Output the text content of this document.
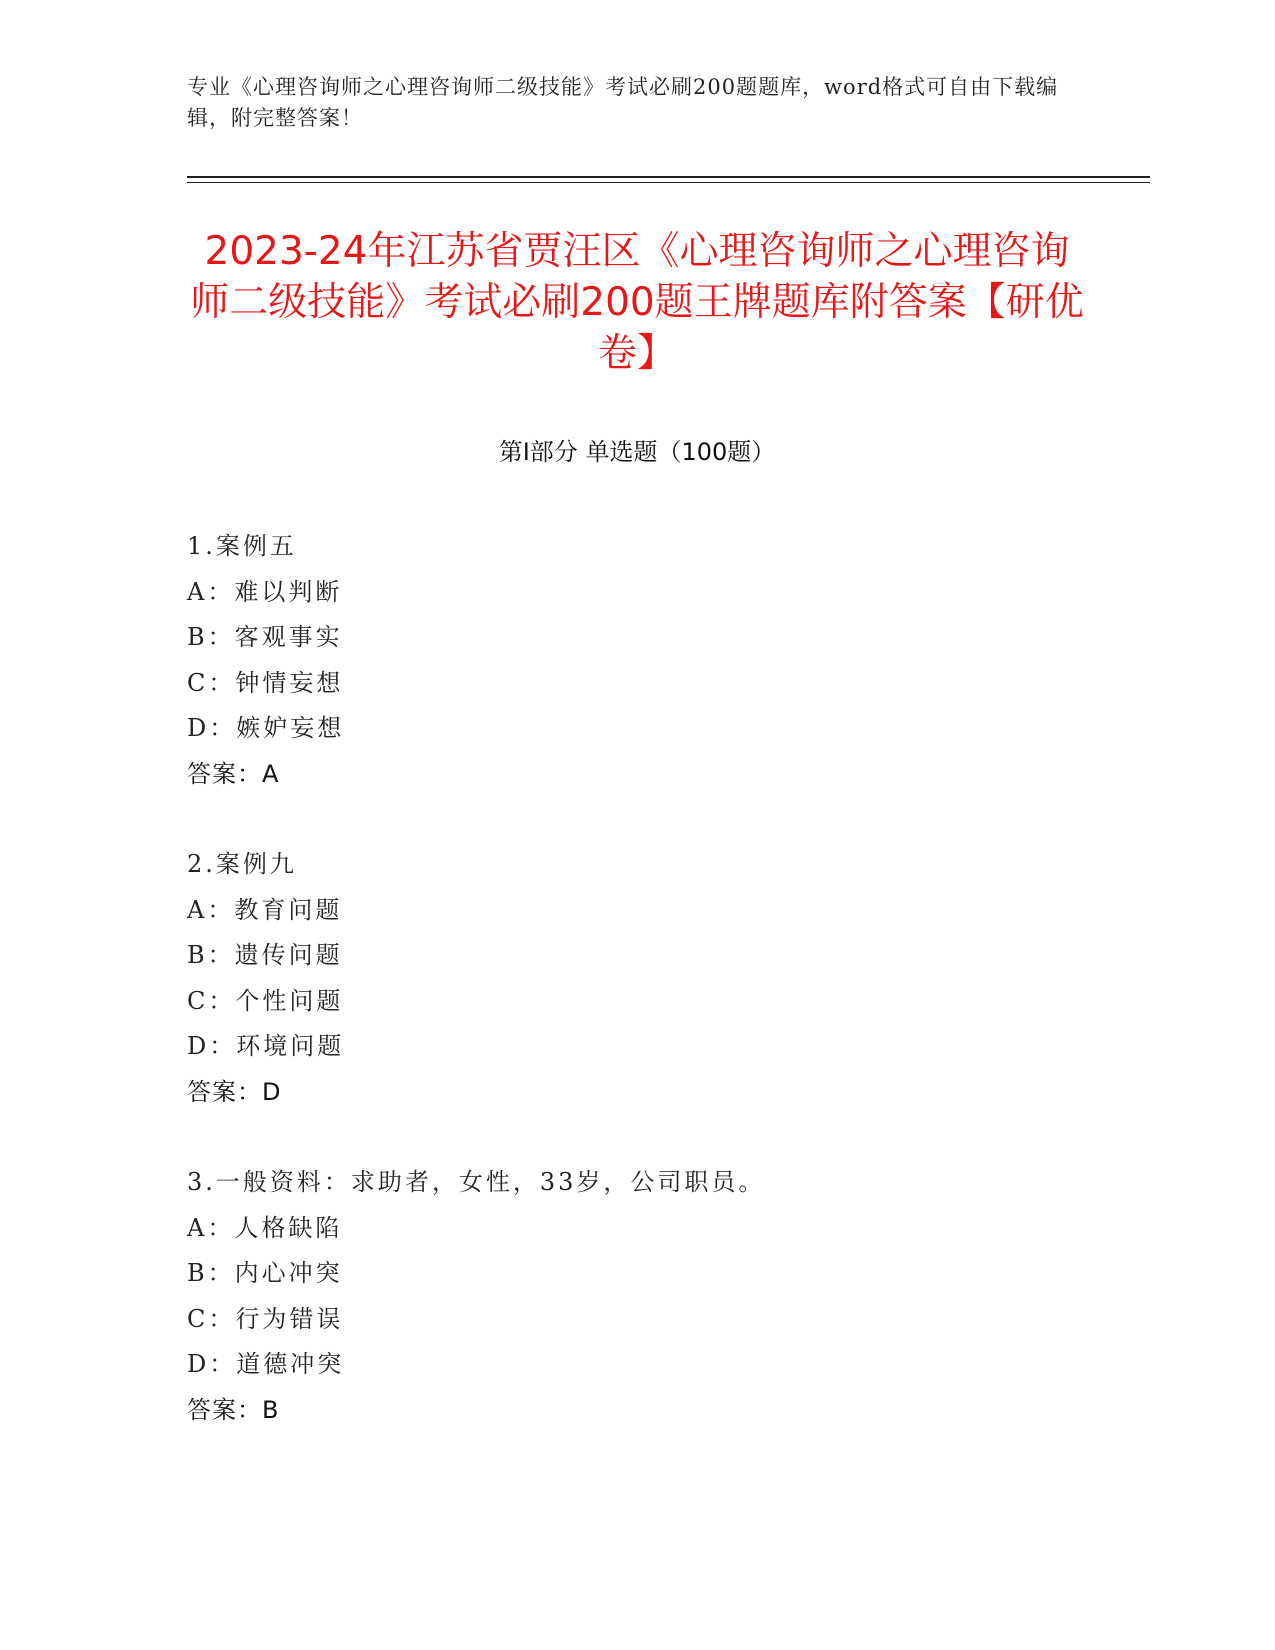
专业《心理咨询师之心理咨询师二级技能》考试必刷200题题库，word格式可自由下载编辑，附完整答案！
2023-24年江苏省贾汪区《心理咨询师之心理咨询师二级技能》考试必刷200题王牌题库附答案【研优卷】
第Ⅰ部分 单选题（100题）
1.案例五
A：难以判断
B：客观事实
C：钟情妄想
D：嫉妒妄想
答案：A
2.案例九
A：教育问题
B：遗传问题
C：个性问题
D：环境问题
答案：D
3.一般资料：求助者，女性，33岁，公司职员。
A：人格缺陷
B：内心冲突
C：行为错误
D：道德冲突
答案：B
